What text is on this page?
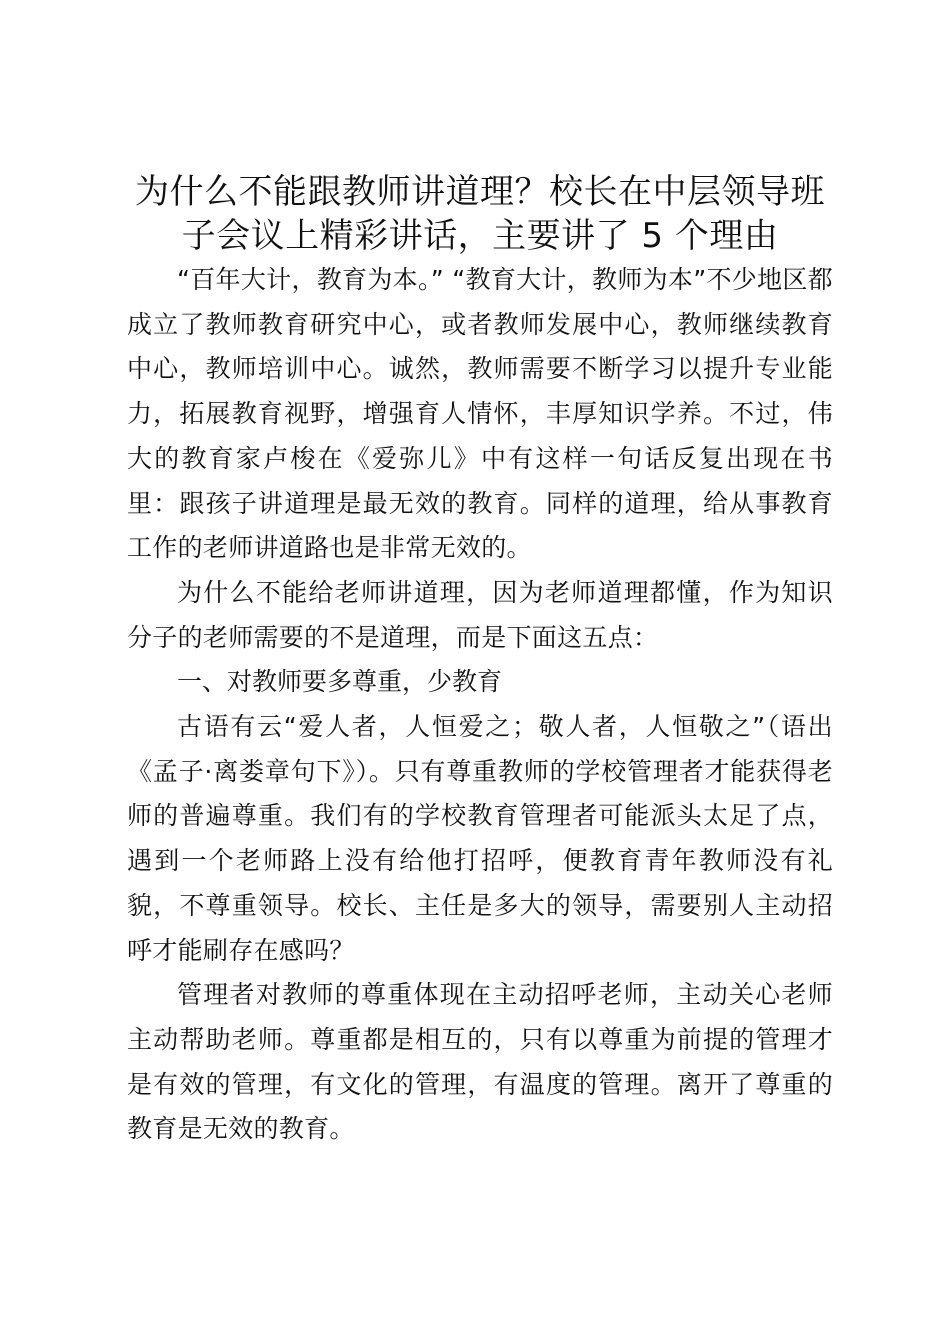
为什么不能跟教师讲道理？校长在中层领导班子会议上精彩讲话，主要讲了 5 个理由

“百年大计，教育为本。” “教育大计，教师为本”不少地区都成立了教师教育研究中心，或者教师发展中心，教师继续教育中心，教师培训中心。诚然，教师需要不断学习以提升专业能力，拓展教育视野，增强育人情怀，丰厚知识学养。不过，伟大的教育家卢梭在《爱弥儿》中有这样一句话反复出现在书里：跟孩子讲道理是最无效的教育。同样的道理，给从事教育工作的老师讲道路也是非常无效的。

为什么不能给老师讲道理，因为老师道理都懂，作为知识分子的老师需要的不是道理，而是下面这五点：

一、对教师要多尊重，少教育

古语有云“爱人者，人恒爱之；敬人者，人恒敬之”（语出《孟子·离娄章句下》）。只有尊重教师的学校管理者才能获得老师的普遍尊重。我们有的学校教育管理者可能派头太足了点，遇到一个老师路上没有给他打招呼，便教育青年教师没有礼貌，不尊重领导。校长、主任是多大的领导，需要别人主动招呼才能刷存在感吗？

管理者对教师的尊重体现在主动招呼老师，主动关心老师主动帮助老师。尊重都是相互的，只有以尊重为前提的管理才是有效的管理，有文化的管理，有温度的管理。离开了尊重的教育是无效的教育。
